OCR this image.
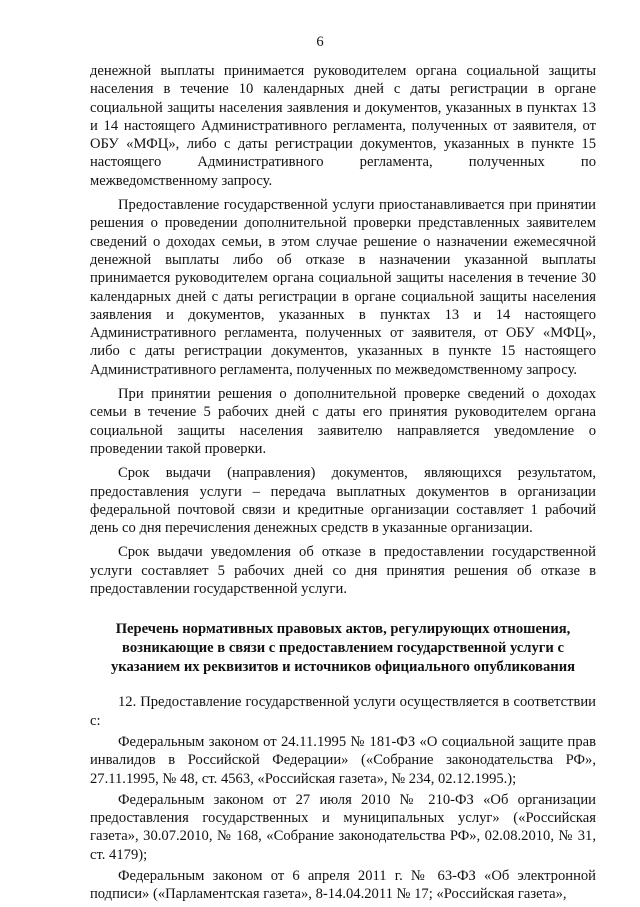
6

денежной выплаты принимается руководителем органа социальной защиты населения в течение 10 календарных дней с даты регистрации в органе социальной защиты населения заявления и документов, указанных в пунктах 13 и 14 настоящего Административного регламента, полученных от заявителя, от ОБУ «МФЦ», либо с даты регистрации документов, указанных в пункте 15 настоящего Административного регламента, полученных по межведомственному запросу.

Предоставление государственной услуги приостанавливается при принятии решения о проведении дополнительной проверки представленных заявителем сведений о доходах семьи, в этом случае решение о назначении ежемесячной денежной выплаты либо об отказе в назначении указанной выплаты принимается руководителем органа социальной защиты населения в течение 30 календарных дней с даты регистрации в органе социальной защиты населения заявления и документов, указанных в пунктах 13 и 14 настоящего Административного регламента, полученных от заявителя, от ОБУ «МФЦ», либо с даты регистрации документов, указанных в пункте 15 настоящего Административного регламента, полученных по межведомственному запросу.

При принятии решения о дополнительной проверке сведений о доходах семьи в течение 5 рабочих дней с даты его принятия руководителем органа социальной защиты населения заявителю направляется уведомление о проведении такой проверки.

Срок выдачи (направления) документов, являющихся результатом, предоставления услуги – передача выплатных документов в организации федеральной почтовой связи и кредитные организации составляет 1 рабочий день со дня перечисления денежных средств в указанные организации.

Срок выдачи уведомления об отказе в предоставлении государственной услуги составляет 5 рабочих дней со дня принятия решения об отказе в предоставлении государственной услуги.

Перечень нормативных правовых актов, регулирующих отношения, возникающие в связи с предоставлением государственной услуги с указанием их реквизитов и источников официального опубликования

12. Предоставление государственной услуги осуществляется в соответствии с:

Федеральным законом от 24.11.1995 № 181-ФЗ «О социальной защите прав инвалидов в Российской Федерации» («Собрание законодательства РФ», 27.11.1995, № 48, ст. 4563, «Российская газета», № 234, 02.12.1995.);

Федеральным законом от 27 июля 2010 № 210-ФЗ «Об организации предоставления государственных и муниципальных услуг» («Российская газета», 30.07.2010, № 168, «Собрание законодательства РФ», 02.08.2010, № 31, ст. 4179);

Федеральным законом от 6 апреля 2011 г. № 63-ФЗ «Об электронной подписи» («Парламентская газета», 8-14.04.2011 № 17; «Российская газета»,
